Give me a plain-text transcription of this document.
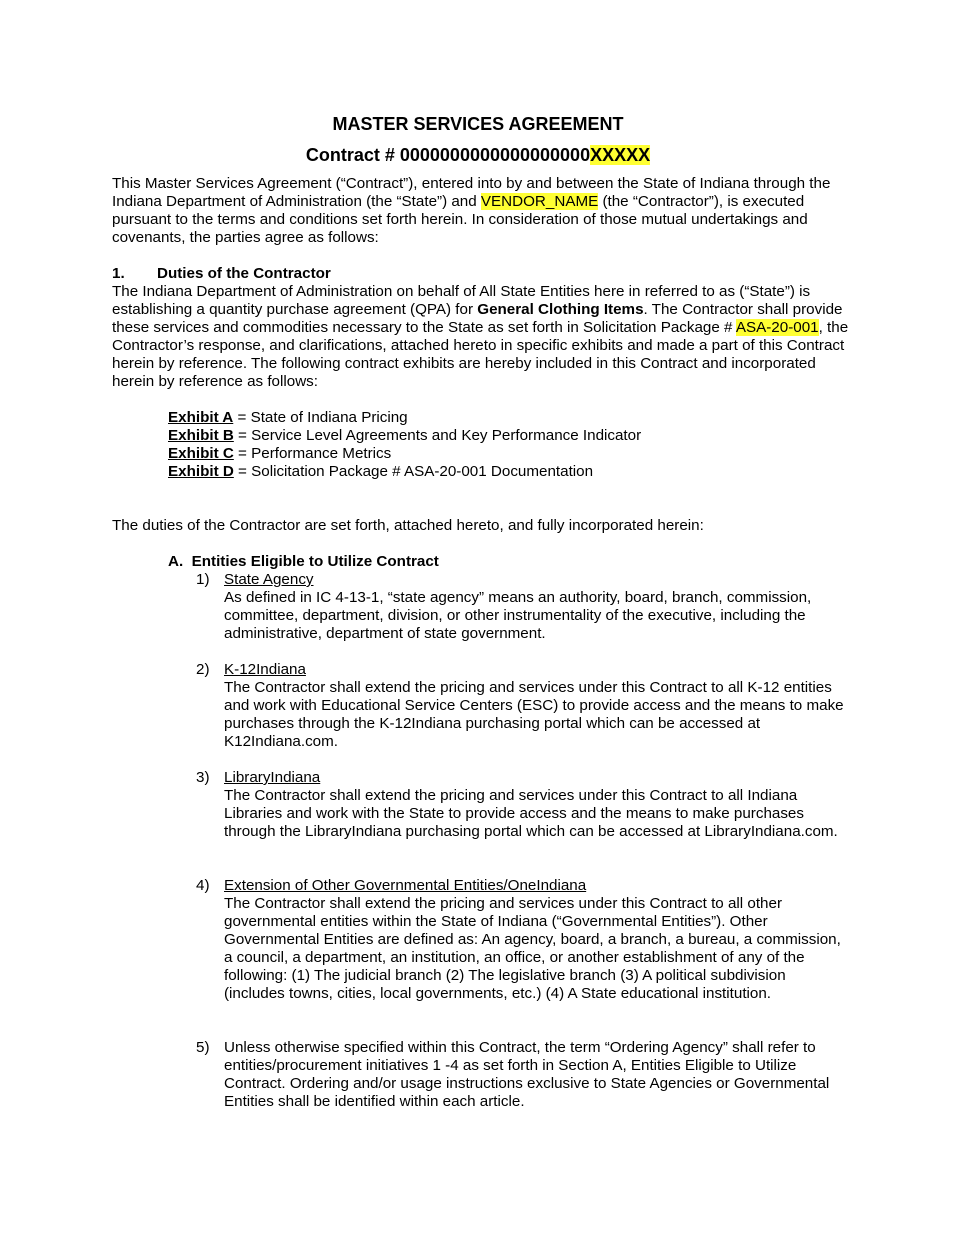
MASTER SERVICES AGREEMENT
Contract # 0000000000000000000XXXXX

This Master Services Agreement (“Contract”), entered into by and between the State of Indiana through the Indiana Department of Administration (the “State”) and VENDOR_NAME (the “Contractor”), is executed pursuant to the terms and conditions set forth herein. In consideration of those mutual undertakings and covenants, the parties agree as follows:

1. Duties of the Contractor

The Indiana Department of Administration on behalf of All State Entities here in referred to as (“State”) is establishing a quantity purchase agreement (QPA) for General Clothing Items. The Contractor shall provide these services and commodities necessary to the State as set forth in Solicitation Package # ASA-20-001, the Contractor’s response, and clarifications, attached hereto in specific exhibits and made a part of this Contract herein by reference. The following contract exhibits are hereby included in this Contract and incorporated herein by reference as follows:

Exhibit A = State of Indiana Pricing
Exhibit B = Service Level Agreements and Key Performance Indicator
Exhibit C = Performance Metrics
Exhibit D = Solicitation Package # ASA-20-001 Documentation
The duties of the Contractor are set forth, attached hereto, and fully incorporated herein:
A.  Entities Eligible to Utilize Contract
1) State Agency
As defined in IC 4-13-1, “state agency” means an authority, board, branch, commission, committee, department, division, or other instrumentality of the executive, including the administrative, department of state government.
2) K-12Indiana
The Contractor shall extend the pricing and services under this Contract to all K-12 entities and work with Educational Service Centers (ESC) to provide access and the means to make purchases through the K-12Indiana purchasing portal which can be accessed at K12Indiana.com.
3) LibraryIndiana
The Contractor shall extend the pricing and services under this Contract to all Indiana Libraries and work with the State to provide access and the means to make purchases through the LibraryIndiana purchasing portal which can be accessed at LibraryIndiana.com.
4) Extension of Other Governmental Entities/OneIndiana
The Contractor shall extend the pricing and services under this Contract to all other governmental entities within the State of Indiana (“Governmental Entities”). Other Governmental Entities are defined as: An agency, board, a branch, a bureau, a commission, a council, a department, an institution, an office, or another establishment of any of the following: (1) The judicial branch (2) The legislative branch (3) A political subdivision (includes towns, cities, local governments, etc.) (4) A State educational institution.
5) Unless otherwise specified within this Contract, the term “Ordering Agency” shall refer to entities/procurement initiatives 1 -4 as set forth in Section A, Entities Eligible to Utilize Contract. Ordering and/or usage instructions exclusive to State Agencies or Governmental Entities shall be identified within each article.
